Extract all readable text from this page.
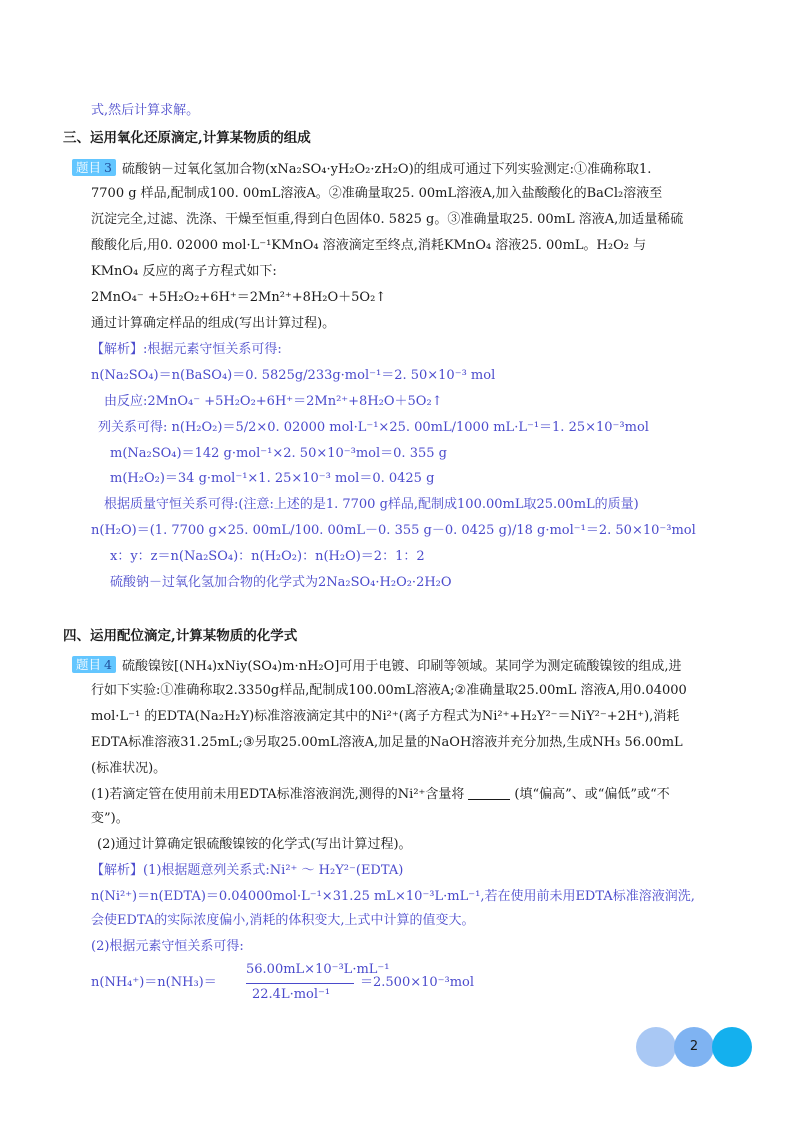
式,然后计算求解。
三、运用氧化还原滴定,计算某物质的组成
题目 3 硫酸钠－过氧化氢加合物(xNa₂SO₄·yH₂O₂·zH₂O)的组成可通过下列实验测定:①准确称取1.
7700 g 样品,配制成100. 00mL溶液A。②准确量取25. 00mL溶液A,加入盐酸酸化的BaCl₂溶液至
沉淀完全,过滤、洗涤、干燥至恒重,得到白色固体0. 5825 g。③准确量取25. 00mL 溶液A,加适量稀硫
酸酸化后,用0. 02000 mol·L⁻¹KMnO₄ 溶液滴定至终点,消耗KMnO₄ 溶液25. 00mL。H₂O₂ 与
KMnO₄ 反应的离子方程式如下:
2MnO₄⁻ +5H₂O₂+6H⁺＝2Mn²⁺+8H₂O＋5O₂↑
通过计算确定样品的组成(写出计算过程)。
【解析】:根据元素守恒关系可得:
n(Na₂SO₄)＝n(BaSO₄)＝0. 5825g/233g·mol⁻¹＝2. 50×10⁻³ mol
由反应:2MnO₄⁻ +5H₂O₂+6H⁺＝2Mn²⁺+8H₂O＋5O₂↑
列关系可得: n(H₂O₂)＝5/2×0. 02000 mol·L⁻¹×25. 00mL/1000 mL·L⁻¹＝1. 25×10⁻³mol
m(Na₂SO₄)＝142 g·mol⁻¹×2. 50×10⁻³mol＝0. 355 g
m(H₂O₂)＝34 g·mol⁻¹×1. 25×10⁻³ mol＝0. 0425 g
根据质量守恒关系可得:(注意:上述的是1. 7700 g样品,配制成100.00mL取25.00mL的质量)
n(H₂O)＝(1. 7700 g×25. 00mL/100. 00mL－0. 355 g－0. 0425 g)/18 g·mol⁻¹＝2. 50×10⁻³mol
x：y：z＝n(Na₂SO₄)：n(H₂O₂)：n(H₂O)＝2：1：2
硫酸钠－过氧化氢加合物的化学式为2Na₂SO₄·H₂O₂·2H₂O
四、运用配位滴定,计算某物质的化学式
题目 4 硫酸镍铵[(NH₄)xNiy(SO₄)m·nH₂O]可用于电镀、印刷等领域。某同学为测定硫酸镍铵的组成,进
行如下实验:①准确称取2.3350g样品,配制成100.00mL溶液A;②准确量取25.00mL 溶液A,用0.04000
mol·L⁻¹ 的EDTA(Na₂H₂Y)标准溶液滴定其中的Ni²⁺(离子方程式为Ni²⁺+H₂Y²⁻＝NiY²⁻+2H⁺),消耗
EDTA标准溶液31.25mL;③另取25.00mL溶液A,加足量的NaOH溶液并充分加热,生成NH₃ 56.00mL
(标准状况)。
(1)若滴定管在使用前未用EDTA标准溶液润洗,测得的Ni²⁺含量将	(填“偏高”、或“偏低”或“不
变”)。
(2)通过计算确定银硫酸镍铵的化学式(写出计算过程)。
【解析】(1)根据题意列关系式:Ni²⁺ ～ H₂Y²⁻(EDTA)
n(Ni²⁺)＝n(EDTA)＝0.04000mol·L⁻¹×31.25 mL×10⁻³L·mL⁻¹,若在使用前未用EDTA标准溶液润洗,
会使EDTA的实际浓度偏小,消耗的体积变大,上式中计算的值变大。
(2)根据元素守恒关系可得:
n(NH₄⁺)＝n(NH₃)＝
56.00mL×10⁻³L·mL⁻¹
22.4L·mol⁻¹
＝2.500×10⁻³mol
2
